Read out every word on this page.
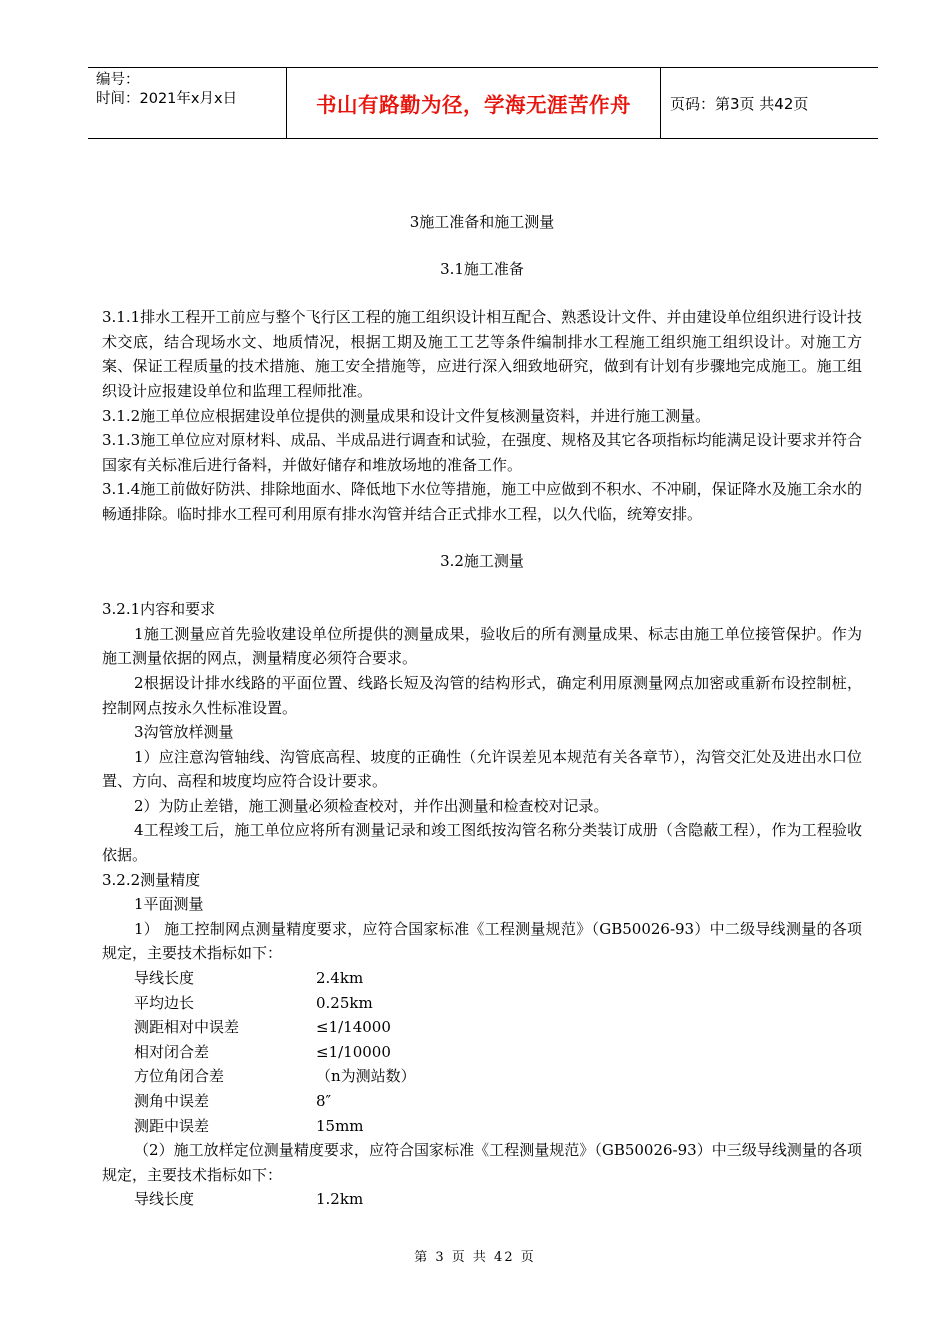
编号：
时间：2021年x月x日	书山有路勤为径，学海无涯苦作舟	页码：第3页 共42页
3施工准备和施工测量
3.1施工准备

3.1.1排水工程开工前应与整个飞行区工程的施工组织设计相互配合、熟悉设计文件、并由建设单位组织进行设计技术交底，结合现场水文、地质情况，根据工期及施工工艺等条件编制排水工程施工组织施工组织设计。对施工方案、保证工程质量的技术措施、施工安全措施等，应进行深入细致地研究，做到有计划有步骤地完成施工。施工组织设计应报建设单位和监理工程师批准。

3.1.2施工单位应根据建设单位提供的测量成果和设计文件复核测量资料，并进行施工测量。

3.1.3施工单位应对原材料、成品、半成品进行调查和试验，在强度、规格及其它各项指标均能满足设计要求并符合国家有关标准后进行备料，并做好储存和堆放场地的准备工作。

3.1.4施工前做好防洪、排除地面水、降低地下水位等措施，施工中应做到不积水、不冲刷，保证降水及施工余水的畅通排除。临时排水工程可利用原有排水沟管并结合正式排水工程，以久代临，统筹安排。

3.2施工测量

3.2.1内容和要求

1施工测量应首先验收建设单位所提供的测量成果，验收后的所有测量成果、标志由施工单位接管保护。作为施工测量依据的网点，测量精度必须符合要求。

2根据设计排水线路的平面位置、线路长短及沟管的结构形式，确定利用原测量网点加密或重新布设控制桩，控制网点按永久性标准设置。

3沟管放样测量

1）应注意沟管轴线、沟管底高程、坡度的正确性（允许误差见本规范有关各章节），沟管交汇处及进出水口位置、方向、高程和坡度均应符合设计要求。

2）为防止差错，施工测量必须检查校对，并作出测量和检查校对记录。

4工程竣工后，施工单位应将所有测量记录和竣工图纸按沟管名称分类装订成册（含隐蔽工程），作为工程验收依据。

3.2.2测量精度

1平面测量

1） 施工控制网点测量精度要求，应符合国家标准《工程测量规范》（GB50026-93）中二级导线测量的各项规定，主要技术指标如下：

导线长度	2.4km
平均边长	0.25km
测距相对中误差	≤1/14000
相对闭合差	≤1/10000
方位角闭合差	（n为测站数）
测角中误差	8″
测距中误差	15mm

（2）施工放样定位测量精度要求，应符合国家标准《工程测量规范》（GB50026-93）中三级导线测量的各项规定，主要技术指标如下：

导线长度	1.2km
第 3 页 共 42 页
